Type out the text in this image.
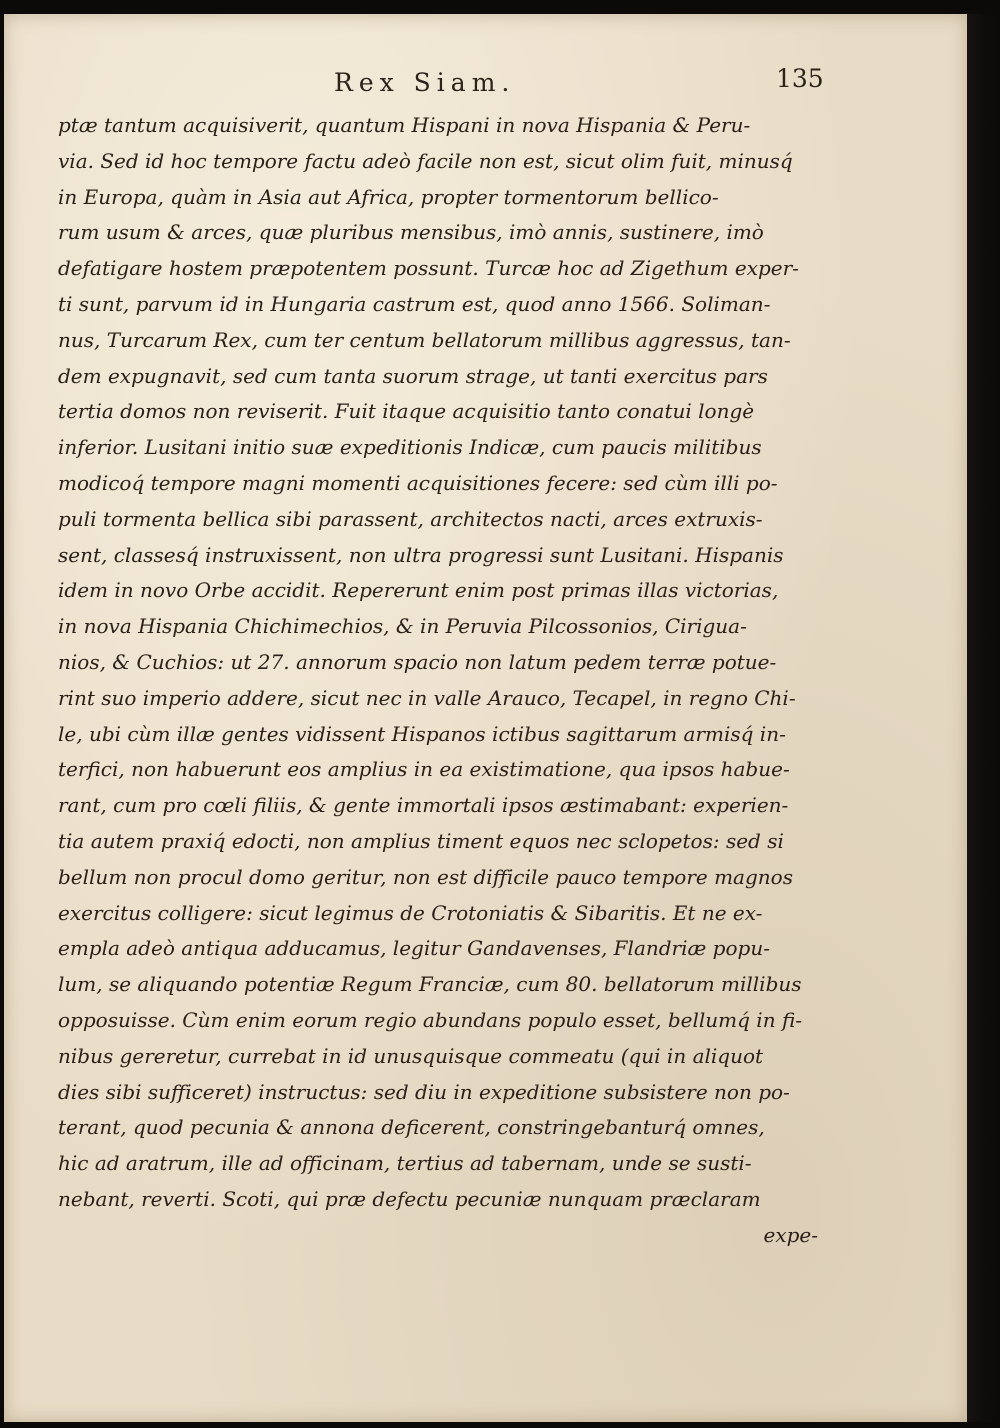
Rex Siam.	135
ptæ tantum acquisiverit, quantum Hispani in nova Hispania & Peru-
via. Sed id hoc tempore factu adeò facile non est, sicut olim fuit, minusq́
in Europa, quàm in Asia aut Africa, propter tormentorum bellico-
rum usum & arces, quæ pluribus mensibus, imò annis, sustinere, imò
defatigare hostem præpotentem possunt. Turcæ hoc ad Zigethum exper-
ti sunt, parvum id in Hungaria castrum est, quod anno 1566. Soliman-
nus, Turcarum Rex, cum ter centum bellatorum millibus aggressus, tan-
dem expugnavit, sed cum tanta suorum strage, ut tanti exercitus pars
tertia domos non reviserit. Fuit itaque acquisitio tanto conatui longè
inferior. Lusitani initio suæ expeditionis Indicæ, cum paucis militibus
modicoq́ tempore magni momenti acquisitiones fecere: sed cùm illi po-
puli tormenta bellica sibi parassent, architectos nacti, arces extruxis-
sent, classesq́ instruxissent, non ultra progressi sunt Lusitani. Hispanis
idem in novo Orbe accidit. Repererunt enim post primas illas victorias,
in nova Hispania Chichimechios, & in Peruvia Pilcossonios, Cirigua-
nios, & Cuchios: ut 27. annorum spacio non latum pedem terræ potue-
rint suo imperio addere, sicut nec in valle Arauco, Tecapel, in regno Chi-
le, ubi cùm illæ gentes vidissent Hispanos ictibus sagittarum armisq́ in-
terfici, non habuerunt eos amplius in ea existimatione, qua ipsos habue-
rant, cum pro cœli filiis, & gente immortali ipsos æstimabant: experien-
tia autem praxiq́ edocti, non amplius timent equos nec sclopetos: sed si
bellum non procul domo geritur, non est difficile pauco tempore magnos
exercitus colligere: sicut legimus de Crotoniatis & Sibaritis. Et ne ex-
empla adeò antiqua adducamus, legitur Gandavenses, Flandriæ popu-
lum, se aliquando potentiæ Regum Franciæ, cum 80. bellatorum millibus
opposuisse. Cùm enim eorum regio abundans populo esset, bellumq́ in fi-
nibus gereretur, currebat in id unusquisque commeatu (qui in aliquot
dies sibi sufficeret) instructus: sed diu in expeditione subsistere non po-
terant, quod pecunia & annona deficerent, constringebanturq́ omnes,
hic ad aratrum, ille ad officinam, tertius ad tabernam, unde se susti-
nebant, reverti. Scoti, qui præ defectu pecuniæ nunquam præclaram
expe-
